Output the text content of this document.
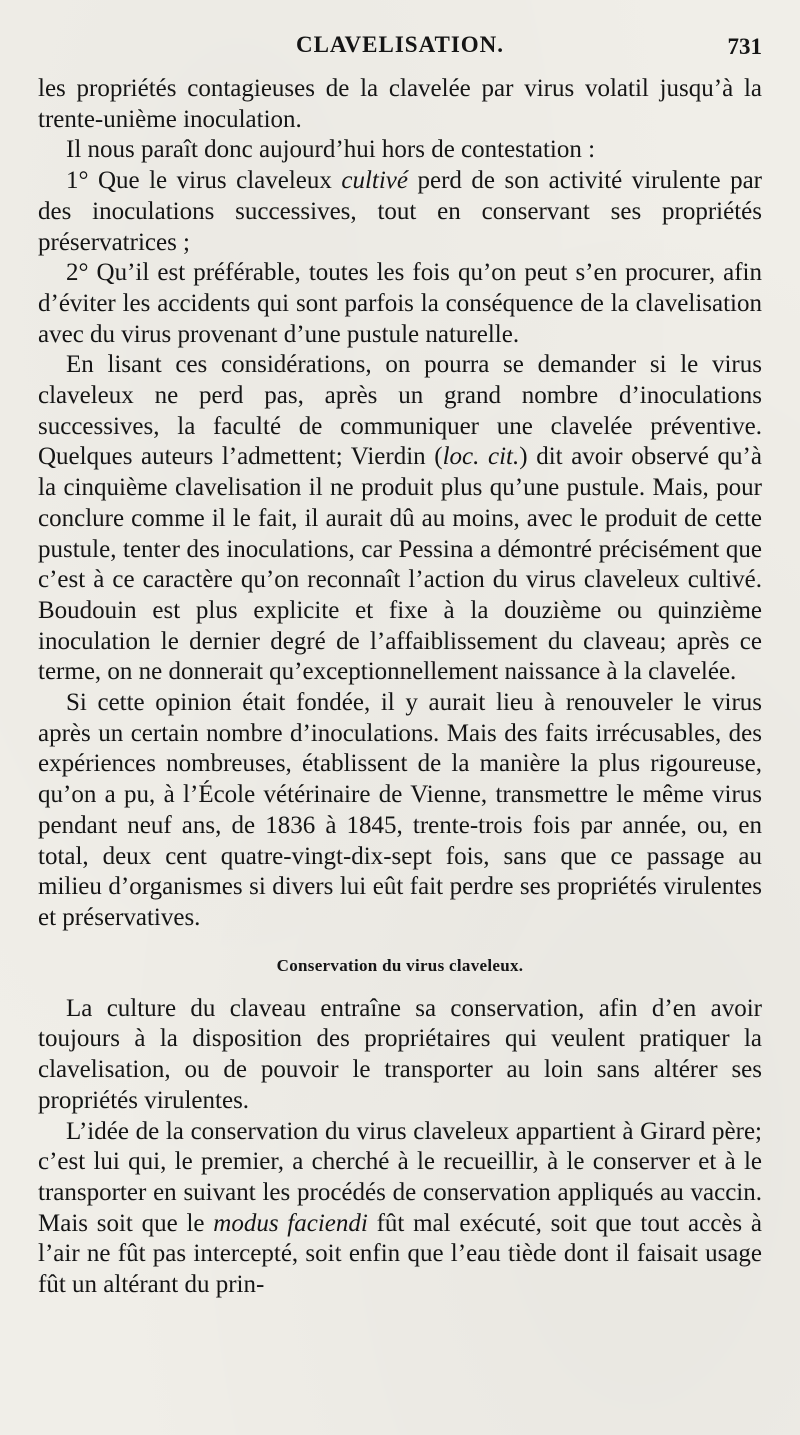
CLAVELISATION.	731

les propriétés contagieuses de la clavelée par virus volatil jusqu’à la trente-unième inoculation.

Il nous paraît donc aujourd’hui hors de contestation :

1° Que le virus claveleux cultivé perd de son activité virulente par des inoculations successives, tout en conservant ses propriétés préservatrices ;

2° Qu’il est préférable, toutes les fois qu’on peut s’en procurer, afin d’éviter les accidents qui sont parfois la conséquence de la clavelisation avec du virus provenant d’une pustule naturelle.

En lisant ces considérations, on pourra se demander si le virus claveleux ne perd pas, après un grand nombre d’inoculations successives, la faculté de communiquer une clavelée préventive. Quelques auteurs l’admettent; Vierdin (loc. cit.) dit avoir observé qu’à la cinquième clavelisation il ne produit plus qu’une pustule. Mais, pour conclure comme il le fait, il aurait dû au moins, avec le produit de cette pustule, tenter des inoculations, car Pessina a démontré précisément que c’est à ce caractère qu’on reconnaît l’action du virus claveleux cultivé. Boudouin est plus explicite et fixe à la douzième ou quinzième inoculation le dernier degré de l’affaiblissement du claveau; après ce terme, on ne donnerait qu’exceptionnellement naissance à la clavelée.

Si cette opinion était fondée, il y aurait lieu à renouveler le virus après un certain nombre d’inoculations. Mais des faits irrécusables, des expériences nombreuses, établissent de la manière la plus rigoureuse, qu’on a pu, à l’École vétérinaire de Vienne, transmettre le même virus pendant neuf ans, de 1836 à 1845, trente-trois fois par année, ou, en total, deux cent quatre-vingt-dix-sept fois, sans que ce passage au milieu d’organismes si divers lui eût fait perdre ses propriétés virulentes et préservatives.

Conservation du virus claveleux.

La culture du claveau entraîne sa conservation, afin d’en avoir toujours à la disposition des propriétaires qui veulent pratiquer la clavelisation, ou de pouvoir le transporter au loin sans altérer ses propriétés virulentes.

L’idée de la conservation du virus claveleux appartient à Girard père; c’est lui qui, le premier, a cherché à le recueillir, à le conserver et à le transporter en suivant les procédés de conservation appliqués au vaccin. Mais soit que le modus faciendi fût mal exécuté, soit que tout accès à l’air ne fût pas intercepté, soit enfin que l’eau tiède dont il faisait usage fût un altérant du prin-
